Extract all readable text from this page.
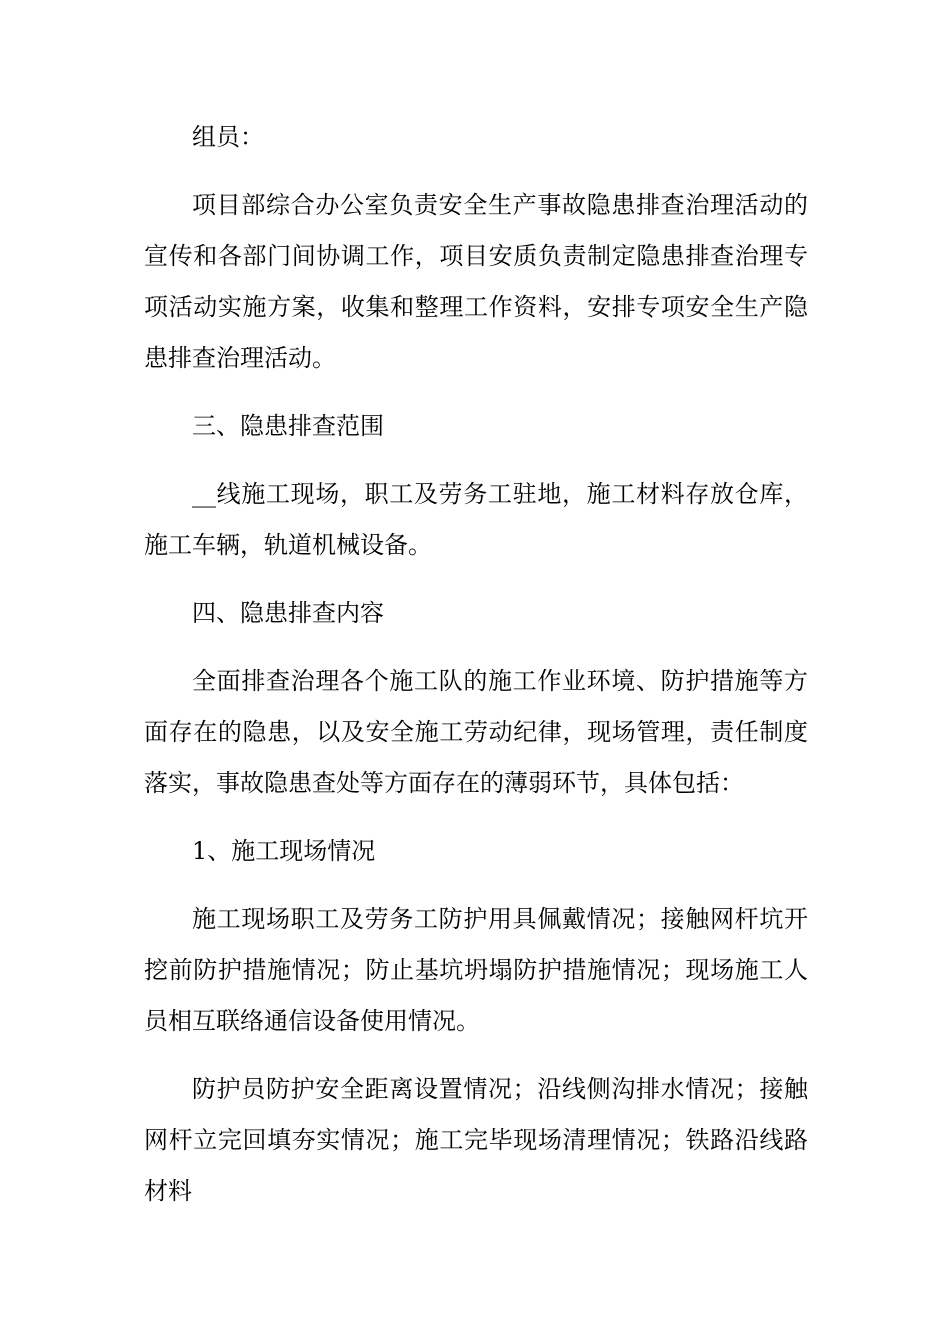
组员：

项目部综合办公室负责安全生产事故隐患排查治理活动的宣传和各部门间协调工作，项目安质负责制定隐患排查治理专项活动实施方案，收集和整理工作资料，安排专项安全生产隐患排查治理活动。

三、隐患排查范围

__线施工现场，职工及劳务工驻地，施工材料存放仓库，施工车辆，轨道机械设备。

四、隐患排查内容

全面排查治理各个施工队的施工作业环境、防护措施等方面存在的隐患，以及安全施工劳动纪律，现场管理，责任制度落实，事故隐患查处等方面存在的薄弱环节，具体包括：

1、施工现场情况

施工现场职工及劳务工防护用具佩戴情况；接触网杆坑开挖前防护措施情况；防止基坑坍塌防护措施情况；现场施工人员相互联络通信设备使用情况。

防护员防护安全距离设置情况；沿线侧沟排水情况；接触网杆立完回填夯实情况；施工完毕现场清理情况；铁路沿线路材料
